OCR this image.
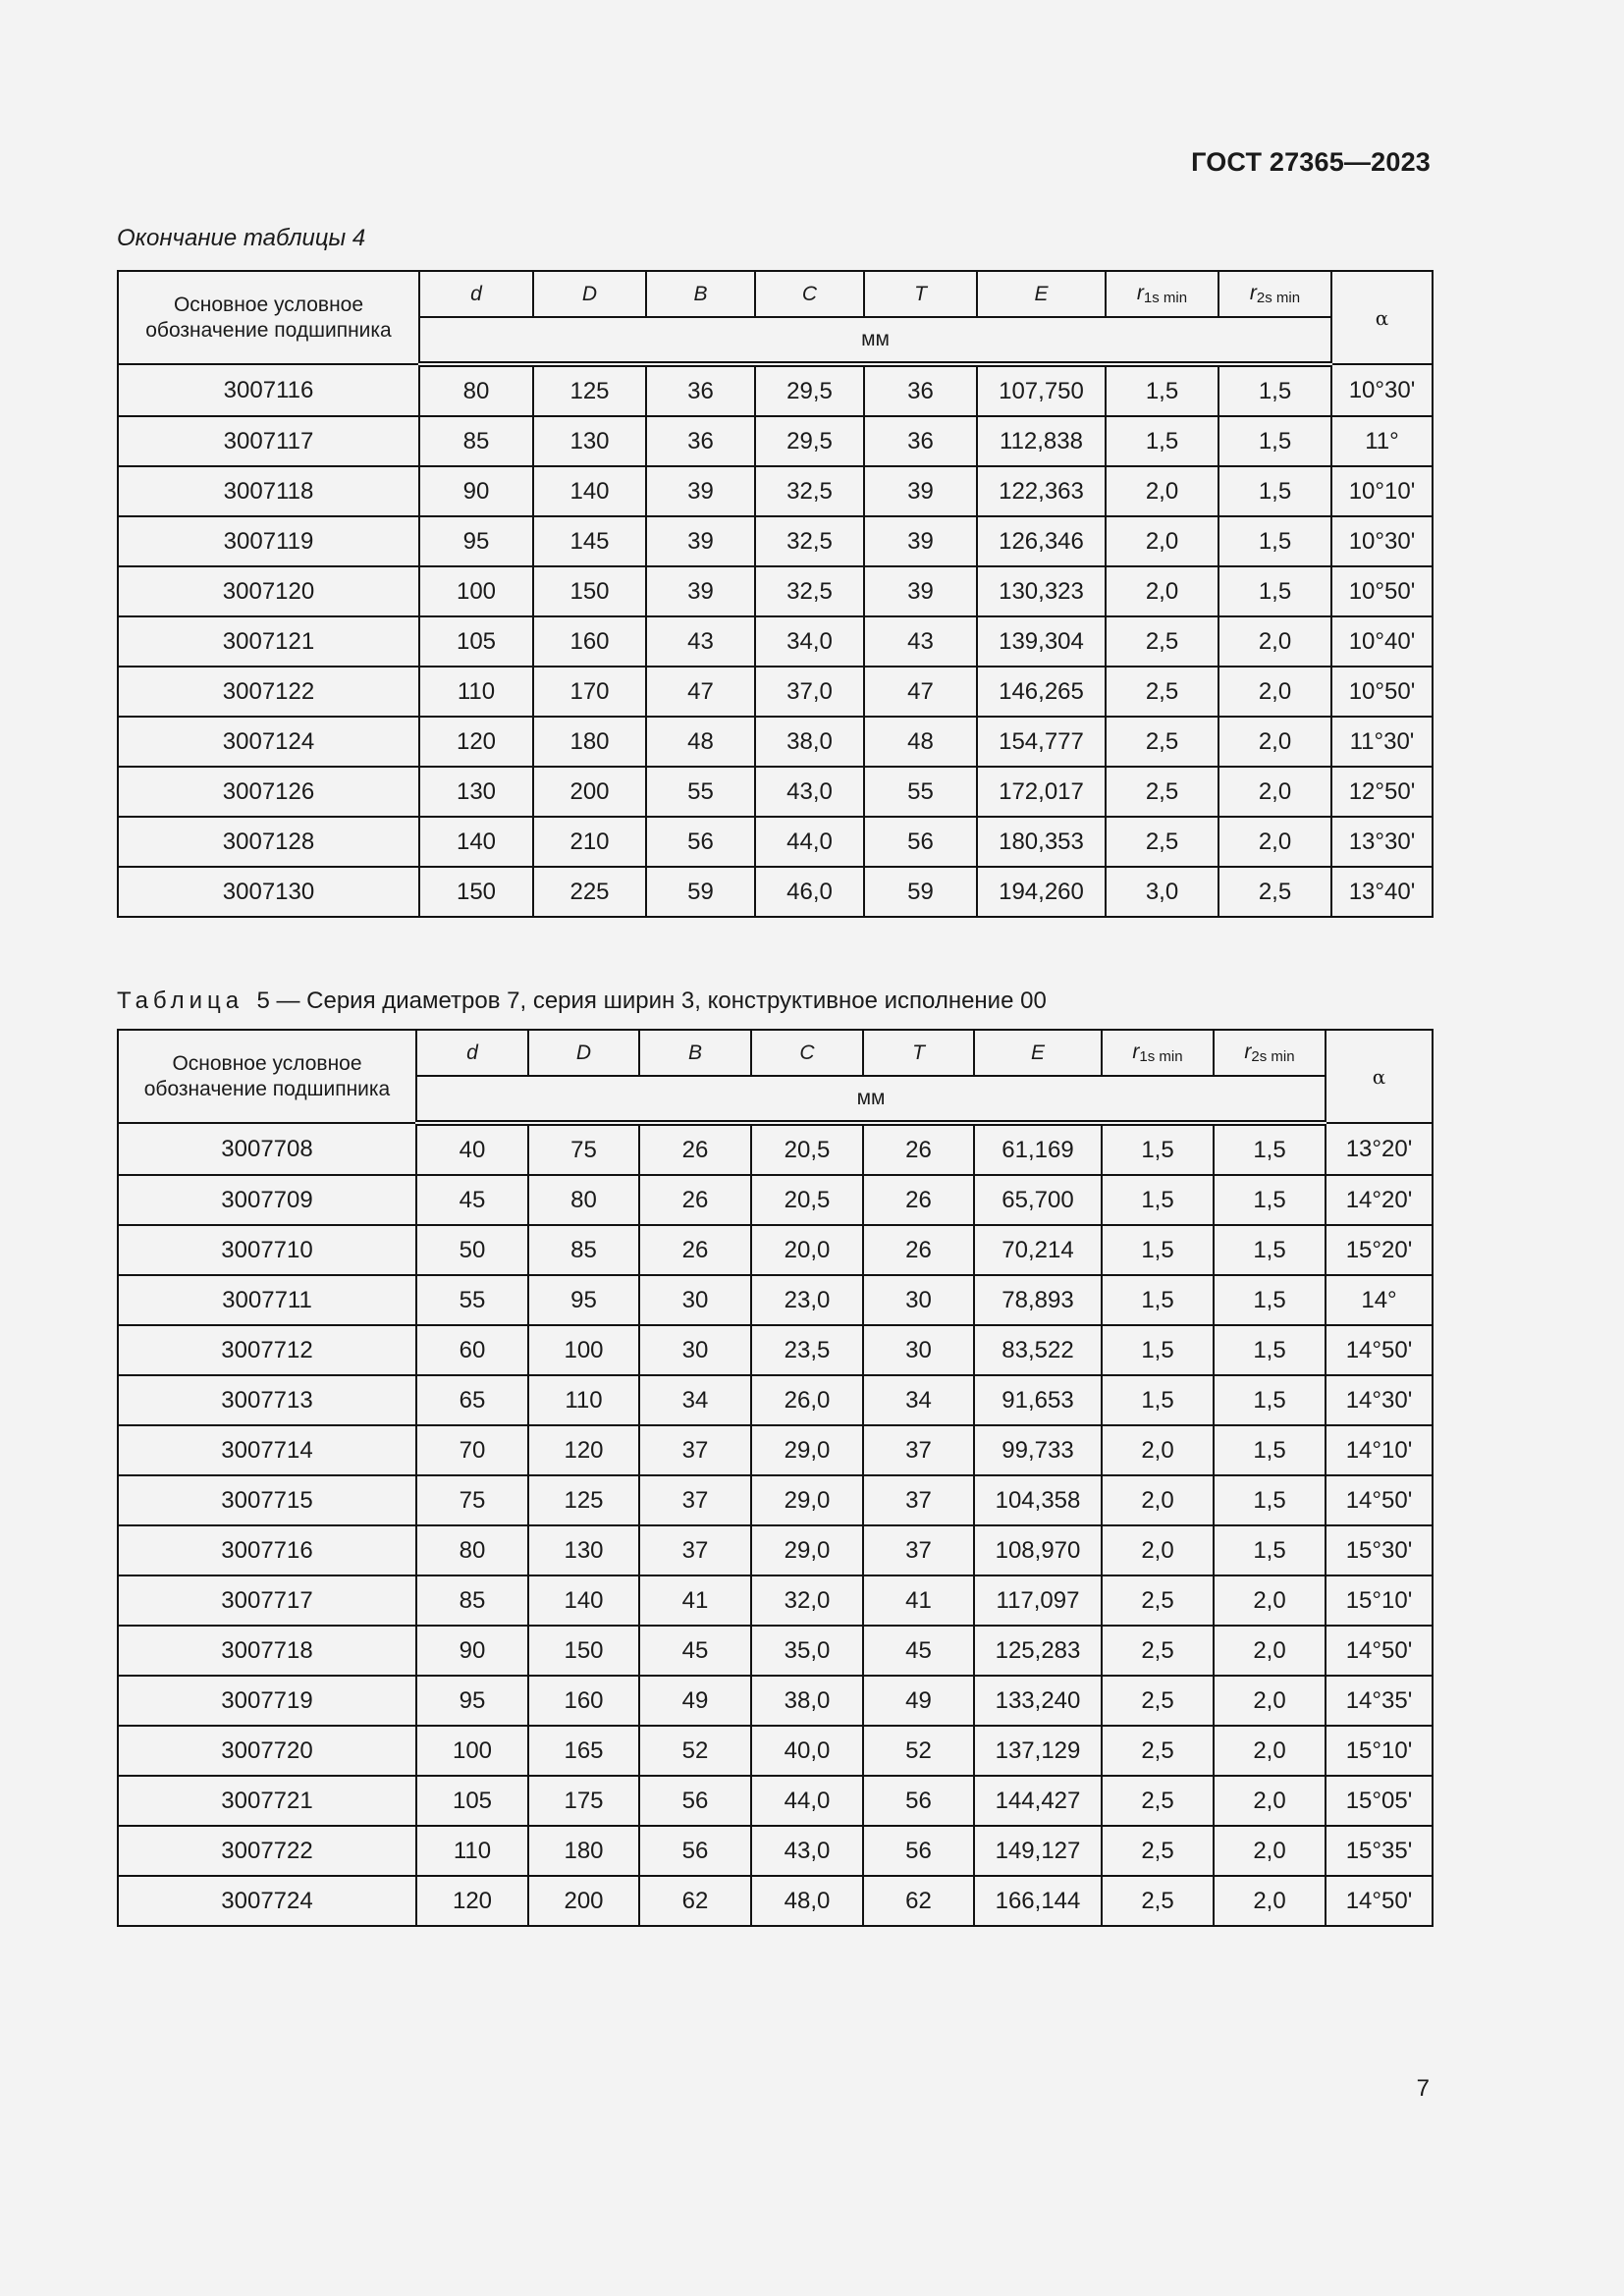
ГОСТ 27365—2023
Окончание таблицы 4
Основное условное обозначение подшипника	d	D	B	C	T	E	$r_{1s min}$	$r_{2s min}$	α
	мм								
3007116	80	125	36	29,5	36	107,750	1,5	1,5	10°30'
3007117	85	130	36	29,5	36	112,838	1,5	1,5	11°
3007118	90	140	39	32,5	39	122,363	2,0	1,5	10°10'
3007119	95	145	39	32,5	39	126,346	2,0	1,5	10°30'
3007120	100	150	39	32,5	39	130,323	2,0	1,5	10°50'
3007121	105	160	43	34,0	43	139,304	2,5	2,0	10°40'
3007122	110	170	47	37,0	47	146,265	2,5	2,0	10°50'
3007124	120	180	48	38,0	48	154,777	2,5	2,0	11°30'
3007126	130	200	55	43,0	55	172,017	2,5	2,0	12°50'
3007128	140	210	56	44,0	56	180,353	2,5	2,0	13°30'
3007130	150	225	59	46,0	59	194,260	3,0	2,5	13°40'
Таблица 5 — Серия диаметров 7, серия ширин 3, конструктивное исполнение 00
Основное условное обозначение подшипника	d	D	B	C	T	E	$r_{1s min}$	$r_{2s min}$	α
	мм								
3007708	40	75	26	20,5	26	61,169	1,5	1,5	13°20'
3007709	45	80	26	20,5	26	65,700	1,5	1,5	14°20'
3007710	50	85	26	20,0	26	70,214	1,5	1,5	15°20'
3007711	55	95	30	23,0	30	78,893	1,5	1,5	14°
3007712	60	100	30	23,5	30	83,522	1,5	1,5	14°50'
3007713	65	110	34	26,0	34	91,653	1,5	1,5	14°30'
3007714	70	120	37	29,0	37	99,733	2,0	1,5	14°10'
3007715	75	125	37	29,0	37	104,358	2,0	1,5	14°50'
3007716	80	130	37	29,0	37	108,970	2,0	1,5	15°30'
3007717	85	140	41	32,0	41	117,097	2,5	2,0	15°10'
3007718	90	150	45	35,0	45	125,283	2,5	2,0	14°50'
3007719	95	160	49	38,0	49	133,240	2,5	2,0	14°35'
3007720	100	165	52	40,0	52	137,129	2,5	2,0	15°10'
3007721	105	175	56	44,0	56	144,427	2,5	2,0	15°05'
3007722	110	180	56	43,0	56	149,127	2,5	2,0	15°35'
3007724	120	200	62	48,0	62	166,144	2,5	2,0	14°50'
7
